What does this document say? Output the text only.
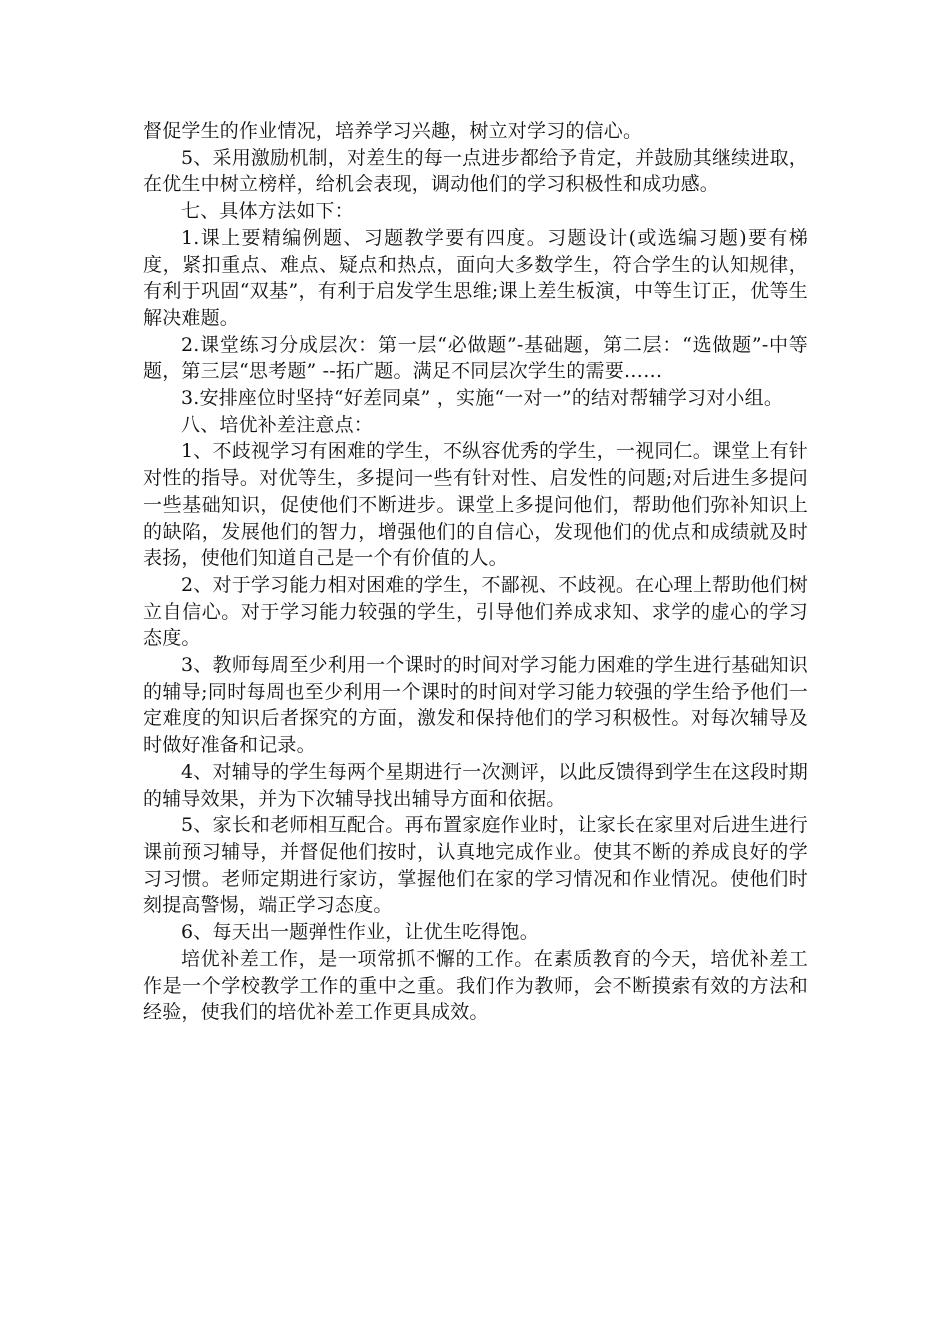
督促学生的作业情况，培养学习兴趣，树立对学习的信心。

5、采用激励机制，对差生的每一点进步都给予肯定，并鼓励其继续进取，在优生中树立榜样，给机会表现，调动他们的学习积极性和成功感。

七、具体方法如下：

1.课上要精编例题、习题教学要有四度。习题设计(或选编习题)要有梯度，紧扣重点、难点、疑点和热点，面向大多数学生，符合学生的认知规律，有利于巩固“双基”，有利于启发学生思维;课上差生板演，中等生订正，优等生解决难题。

2.课堂练习分成层次：第一层“必做题”-基础题，第二层：“选做题”-中等题，第三层“思考题” --拓广题。满足不同层次学生的需要……

3.安排座位时坚持“好差同桌” ，实施“一对一”的结对帮辅学习对小组。

八、培优补差注意点：

1、不歧视学习有困难的学生，不纵容优秀的学生，一视同仁。课堂上有针对性的指导。对优等生，多提问一些有针对性、启发性的问题;对后进生多提问一些基础知识，促使他们不断进步。课堂上多提问他们，帮助他们弥补知识上的缺陷，发展他们的智力，增强他们的自信心，发现他们的优点和成绩就及时表扬，使他们知道自己是一个有价值的人。

2、对于学习能力相对困难的学生，不鄙视、不歧视。在心理上帮助他们树立自信心。对于学习能力较强的学生，引导他们养成求知、求学的虚心的学习态度。

3、教师每周至少利用一个课时的时间对学习能力困难的学生进行基础知识的辅导;同时每周也至少利用一个课时的时间对学习能力较强的学生给予他们一定难度的知识后者探究的方面，激发和保持他们的学习积极性。对每次辅导及时做好准备和记录。

4、对辅导的学生每两个星期进行一次测评，以此反馈得到学生在这段时期的辅导效果，并为下次辅导找出辅导方面和依据。

5、家长和老师相互配合。再布置家庭作业时，让家长在家里对后进生进行课前预习辅导，并督促他们按时，认真地完成作业。使其不断的养成良好的学习习惯。老师定期进行家访，掌握他们在家的学习情况和作业情况。使他们时刻提高警惕，端正学习态度。

6、每天出一题弹性作业，让优生吃得饱。

培优补差工作，是一项常抓不懈的工作。在素质教育的今天，培优补差工作是一个学校教学工作的重中之重。我们作为教师，会不断摸索有效的方法和经验，使我们的培优补差工作更具成效。
